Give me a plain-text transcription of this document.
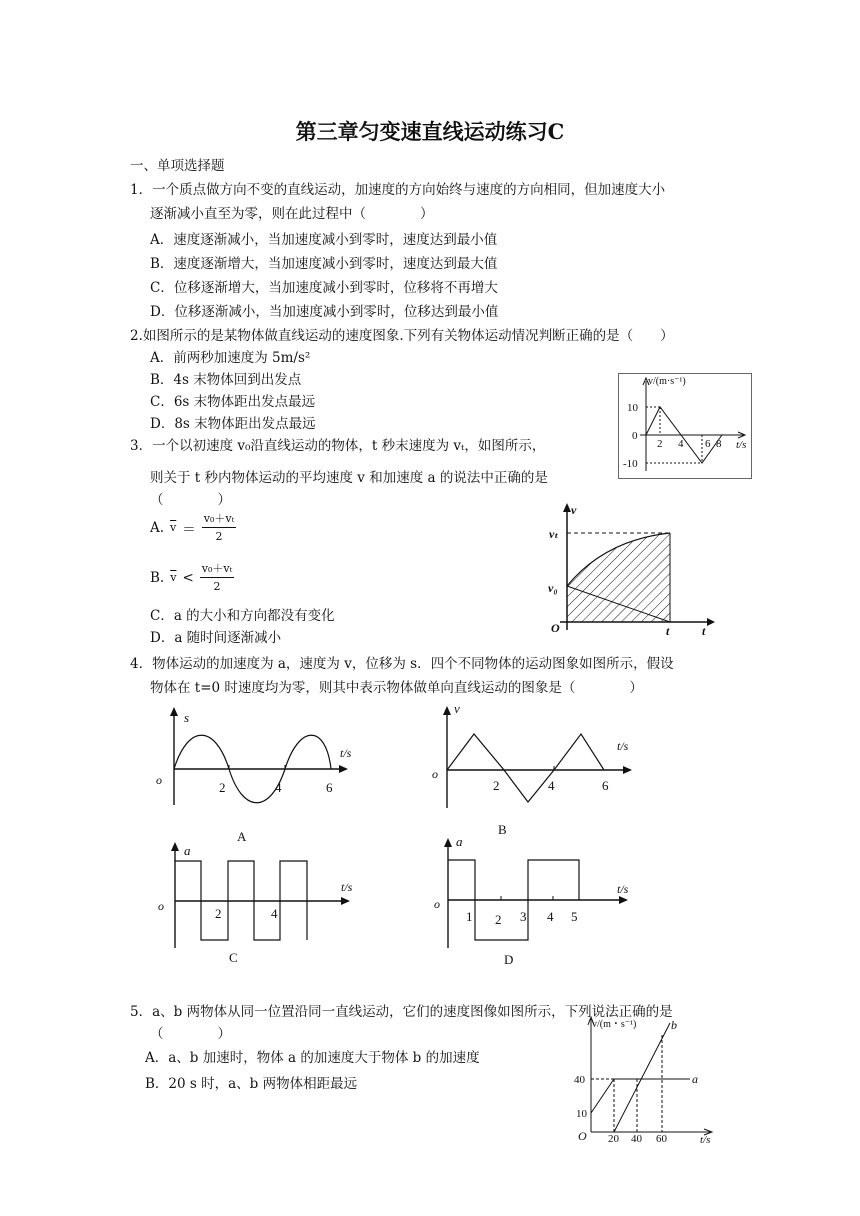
第三章匀变速直线运动练习C
一、单项选择题
1．一个质点做方向不变的直线运动，加速度的方向始终与速度的方向相同，但加速度大小
逐渐减小直至为零，则在此过程中（　　　　）
A．速度逐渐减小，当加速度减小到零时，速度达到最小值
B．速度逐渐增大，当加速度减小到零时，速度达到最大值
C．位移逐渐增大，当加速度减小到零时，位移将不再增大
D．位移逐渐减小，当加速度减小到零时，位移达到最小值
2.如图所示的是某物体做直线运动的速度图象.下列有关物体运动情况判断正确的是（　　）
A．前两秒加速度为 5m/s²
B．4s 末物体回到出发点
C．6s 末物体距出发点最远
D．8s 末物体距出发点最远
v/(m·s⁻¹)
10
0
-10
2 4 6 8 t/s
3．一个以初速度 v₀沿直线运动的物体，t 秒末速度为 vₜ，如图所示，
则关于 t 秒内物体运动的平均速度 v 和加速度 a 的说法中正确的是
（　　　　）
A. $\overline{v} = \frac{\text{v₀＋vₜ}}{2}$
B. $\overline{v} < \frac{\text{v₀＋vₜ}}{2}$
C．a 的大小和方向都没有变化
D．a 随时间逐渐减小
v
vₜ
v₀
O	t	t
4．物体运动的加速度为 a，速度为 v，位移为 s．四个不同物体的运动图象如图所示，假设
物体在 t=0 时速度均为零，则其中表示物体做单向直线运动的图象是（　　　　）
s
o
t/s
2	4	6
A
v
o
t/s
2	4	6
B
a
o
t/s
2	4
C
a
o
t/s
1 2 3 4 5
D
5．a、b 两物体从同一位置沿同一直线运动，它们的速度图像如图所示，下列说法正确的是
（　　　　）
A．a、b 加速时，物体 a 的加速度大于物体 b 的加速度
B．20 s 时，a、b 两物体相距最远
v/(m・s⁻¹)
40
10
O 20 40 60	t/s
a
b
